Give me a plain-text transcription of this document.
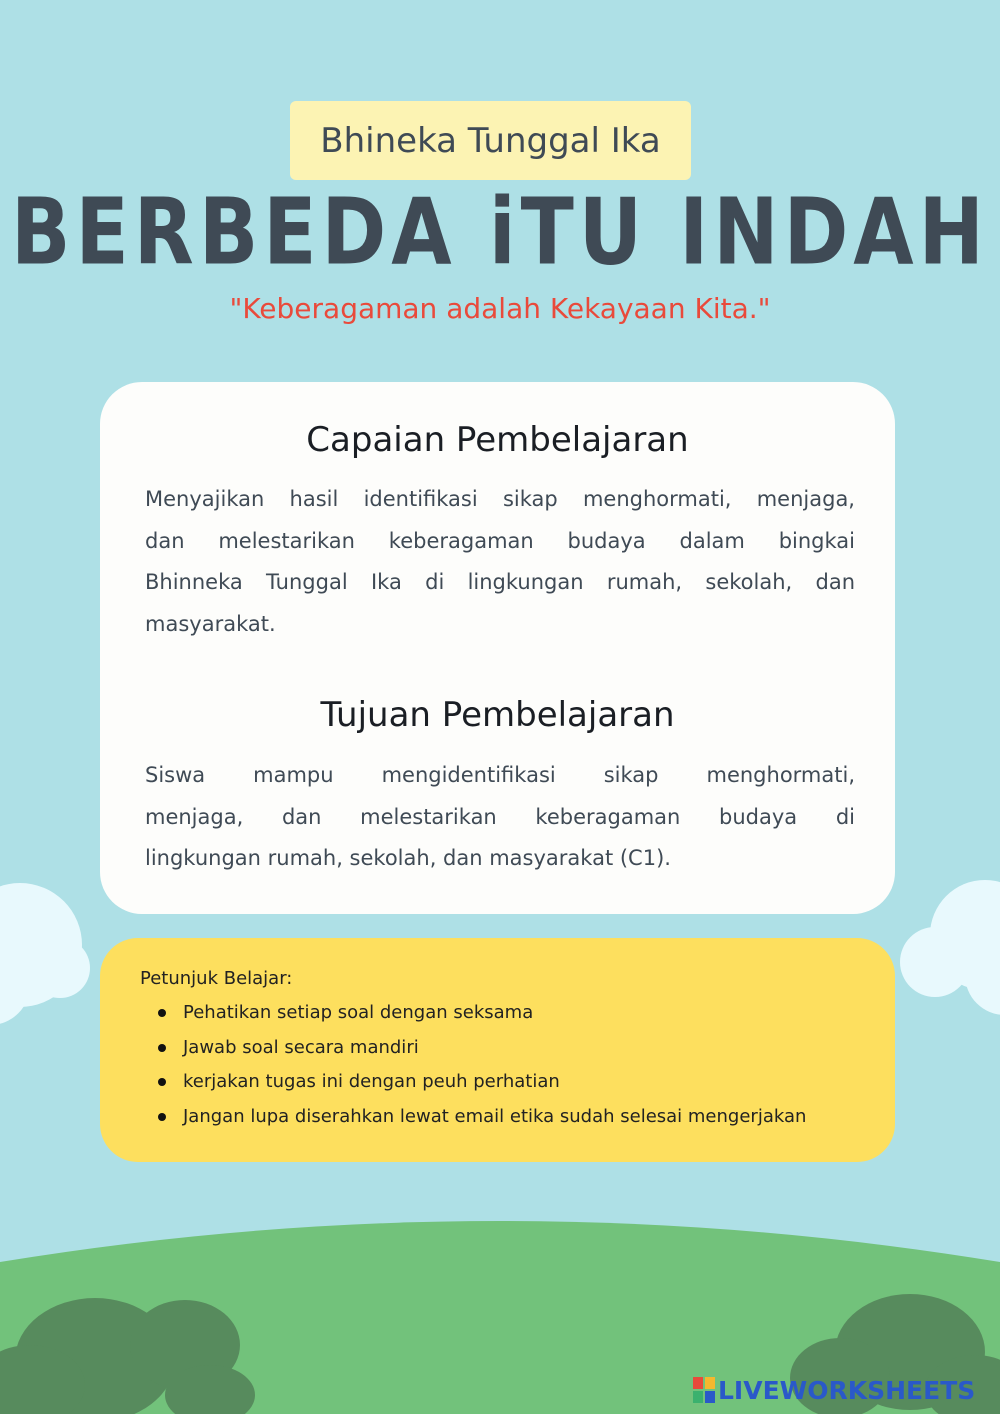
Bhineka Tunggal Ika
BERBEDA iTU INDAH
"Keberagaman adalah Kekayaan Kita."
Capaian Pembelajaran
Menyajikan hasil identifikasi sikap menghormati, menjaga,
dan melestarikan keberagaman budaya dalam bingkai
Bhinneka Tunggal Ika di lingkungan rumah, sekolah, dan
masyarakat.
Tujuan Pembelajaran
Siswa mampu mengidentifikasi sikap menghormati,
menjaga, dan melestarikan keberagaman budaya di
lingkungan rumah, sekolah, dan masyarakat (C1).
Petunjuk Belajar:
Pehatikan setiap soal dengan seksama
Jawab soal secara mandiri
kerjakan tugas ini dengan peuh perhatian
Jangan lupa diserahkan lewat email etika sudah selesai mengerjakan
LIVEWORKSHEETS
